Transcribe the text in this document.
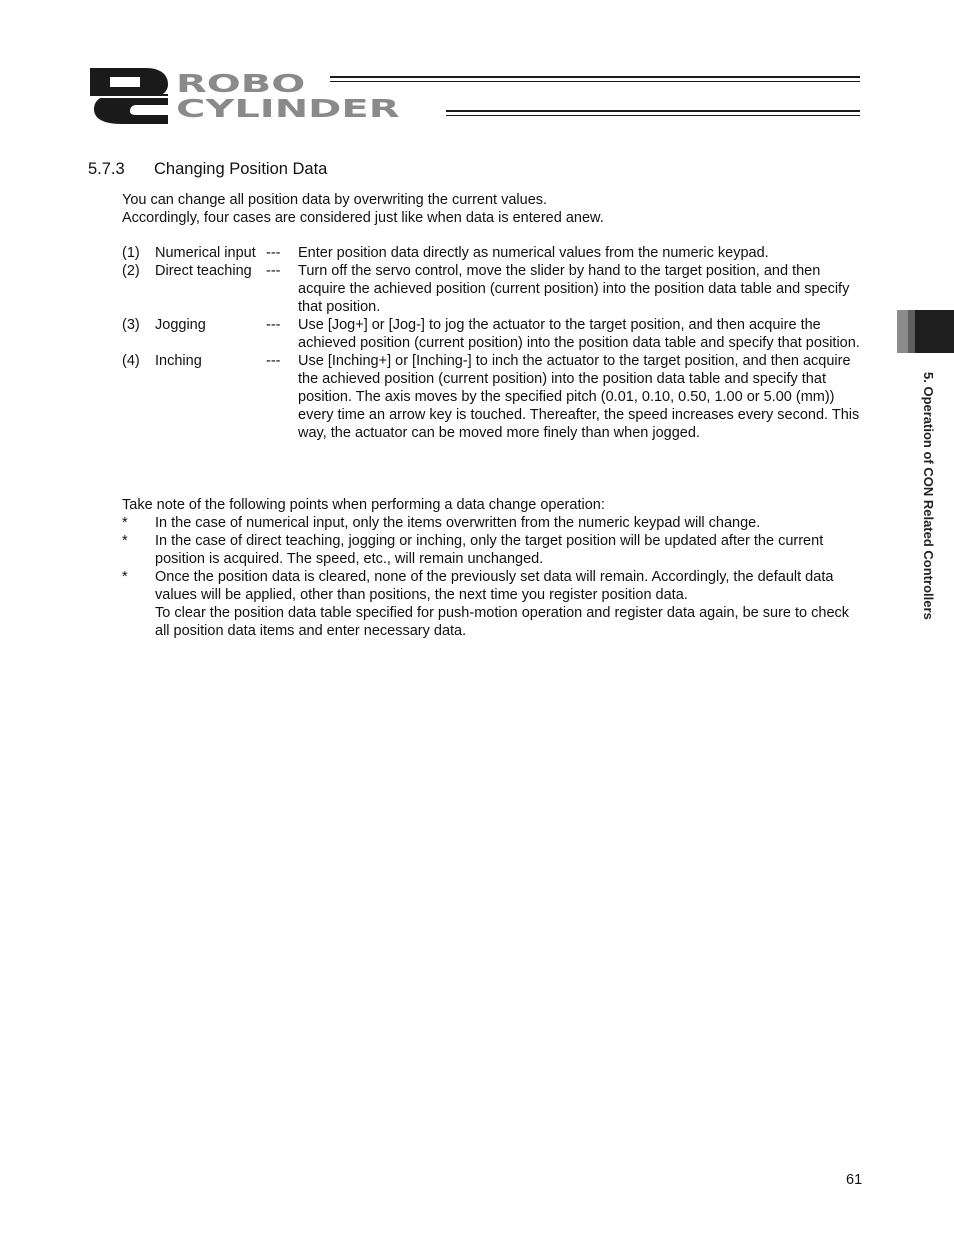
ROBO
CYLINDER
5.7.3 Changing Position Data

You can change all position data by overwriting the current values.

Accordingly, four cases are considered just like when data is entered anew.

(1) Numerical input --- Enter position data directly as numerical values from the numeric keypad.
(2) Direct teaching --- Turn off the servo control, move the slider by hand to the target position, and then acquire the achieved position (current position) into the position data table and specify that position.
(3) Jogging	--- Use [Jog+] or [Jog-] to jog the actuator to the target position, and then acquire the achieved position (current position) into the position data table and specify that position.
(4) Inching	--- Use [Inching+] or [Inching-] to inch the actuator to the target position, and then acquire the achieved position (current position) into the position data table and specify that position. The axis moves by the specified pitch (0.01, 0.10, 0.50, 1.00 or 5.00 (mm)) every time an arrow key is touched. Thereafter, the speed increases every second. This way, the actuator can be moved more finely than when jogged.

Take note of the following points when performing a data change operation:

* In the case of numerical input, only the items overwritten from the numeric keypad will change.
* In the case of direct teaching, jogging or inching, only the target position will be updated after the current position is acquired. The speed, etc., will remain unchanged.
* Once the position data is cleared, none of the previously set data will remain. Accordingly, the default data values will be applied, other than positions, the next time you register position data.
To clear the position data table specified for push-motion operation and register data again, be sure to check all position data items and enter necessary data.
5. Operation of CON Related Controllers
61
